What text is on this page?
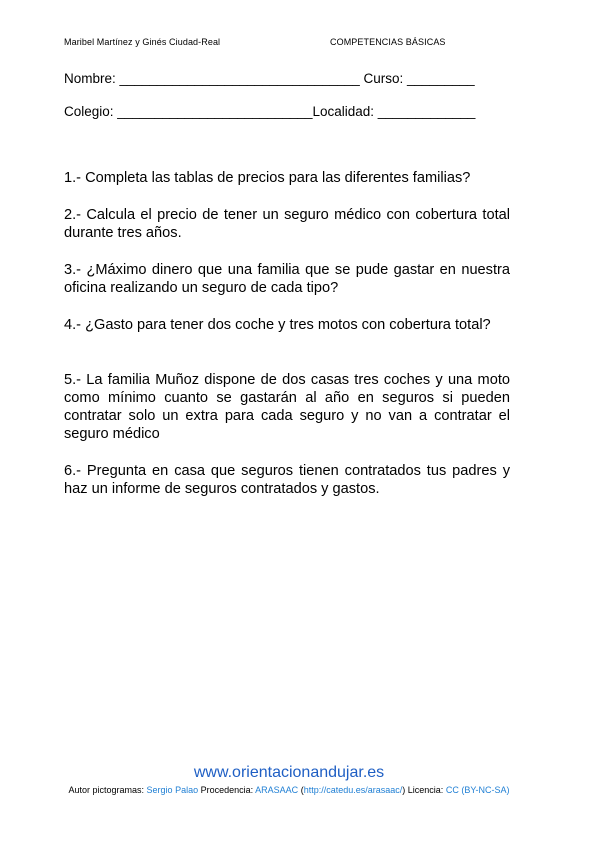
Maribel Martínez y Ginés Ciudad-Real	COMPETENCIAS BÁSICAS
Nombre: ________________________________ Curso: _________
Colegio: __________________________Localidad: _____________
1.- Completa las tablas de precios para las diferentes familias?
2.- Calcula el precio de tener un seguro médico con cobertura total durante tres años.
3.- ¿Máximo dinero que una familia que se pude gastar en nuestra oficina realizando un seguro de cada tipo?
4.- ¿Gasto para tener dos coche y tres motos con cobertura total?
5.- La familia Muñoz dispone de dos casas tres coches y una moto como mínimo cuanto se gastarán al año en seguros si pueden contratar solo un extra para cada seguro y no van a contratar el seguro médico
6.- Pregunta en casa que seguros tienen contratados tus padres y haz un informe de seguros contratados y gastos.
www.orientacionandujar.es
Autor pictogramas: Sergio Palao Procedencia: ARASAAC (http://catedu.es/arasaac/) Licencia: CC (BY-NC-SA)
